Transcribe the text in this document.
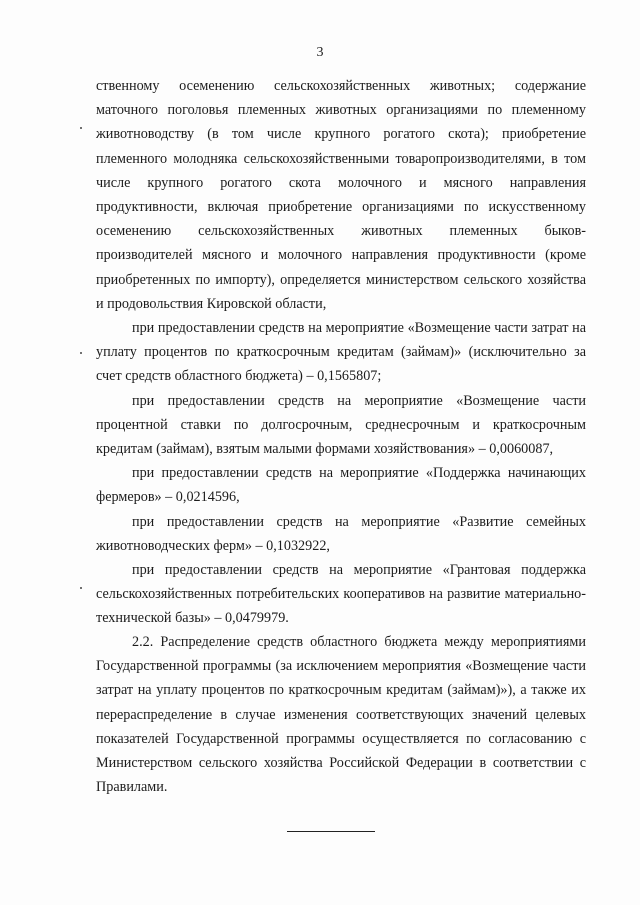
3

ственному осеменению сельскохозяйственных животных; содержание маточного поголовья племенных животных организациями по племенному животноводству (в том числе крупного рогатого скота); приобретение племенного молодняка сельскохозяйственными товаропроизводителями, в том числе крупного рогатого скота молочного и мясного направления продуктивности, включая приобретение организациями по искусственному осеменению сельскохозяйственных животных племенных быков-производителей мясного и молочного направления продуктивности (кроме приобретенных по импорту), определяется министерством сельского хозяйства и продовольствия Кировской области,

при предоставлении средств на мероприятие «Возмещение части затрат на уплату процентов по краткосрочным кредитам (займам)» (исключительно за счет средств областного бюджета) – 0,1565807;

при предоставлении средств на мероприятие «Возмещение части процентной ставки по долгосрочным, среднесрочным и краткосрочным кредитам (займам), взятым малыми формами хозяйствования» – 0,0060087,

при предоставлении средств на мероприятие «Поддержка начинающих фермеров» – 0,0214596,

при предоставлении средств на мероприятие «Развитие семейных животноводческих ферм» – 0,1032922,

при предоставлении средств на мероприятие «Грантовая поддержка сельскохозяйственных потребительских кооперативов на развитие материально-технической базы» – 0,0479979.

2.2. Распределение средств областного бюджета между мероприятиями Государственной программы (за исключением мероприятия «Возмещение части затрат на уплату процентов по краткосрочным кредитам (займам)»), а также их перераспределение в случае изменения соответствующих значений целевых показателей Государственной программы осуществляется по согласованию с Министерством сельского хозяйства Российской Федерации в соответствии с Правилами.
